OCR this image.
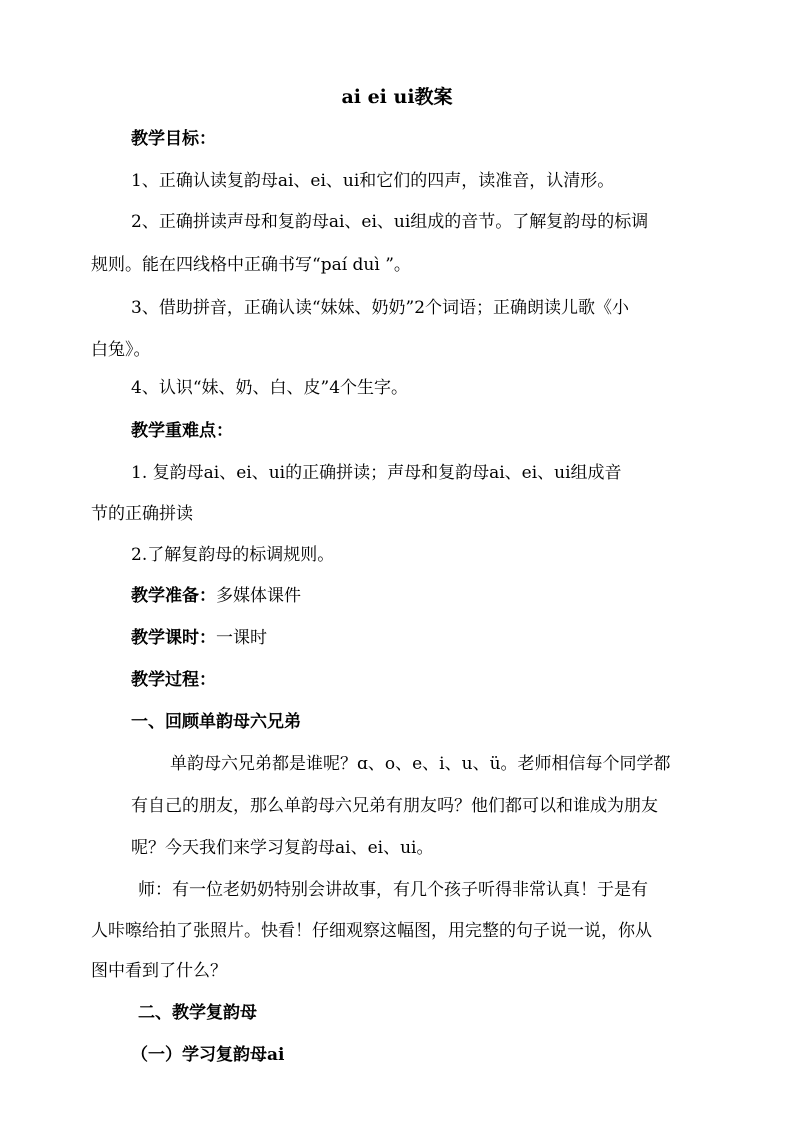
ai ei ui教案
教学目标：
1、正确认读复韵母ai、ei、ui和它们的四声，读准音，认清形。
2、正确拼读声母和复韵母ai、ei、ui组成的音节。了解复韵母的标调
规则。能在四线格中正确书写“paí duì ”。
3、借助拼音，正确认读“妹妹、奶奶”2个词语；正确朗读儿歌《小
白兔》。
4、认识“妹、奶、白、皮”4个生字。
教学重难点：
1. 复韵母ai、ei、ui的正确拼读；声母和复韵母ai、ei、ui组成音
节的正确拼读
2.了解复韵母的标调规则。
教学准备：多媒体课件
教学课时：一课时
教学过程：
一、回顾单韵母六兄弟
单韵母六兄弟都是谁呢？ɑ、o、e、i、u、ü。老师相信每个同学都
有自己的朋友，那么单韵母六兄弟有朋友吗？他们都可以和谁成为朋友
呢？今天我们来学习复韵母ai、ei、ui。
师：有一位老奶奶特别会讲故事，有几个孩子听得非常认真！于是有
人咔嚓给拍了张照片。快看！仔细观察这幅图，用完整的句子说一说，你从
图中看到了什么？
二、教学复韵母
（一）学习复韵母ai
